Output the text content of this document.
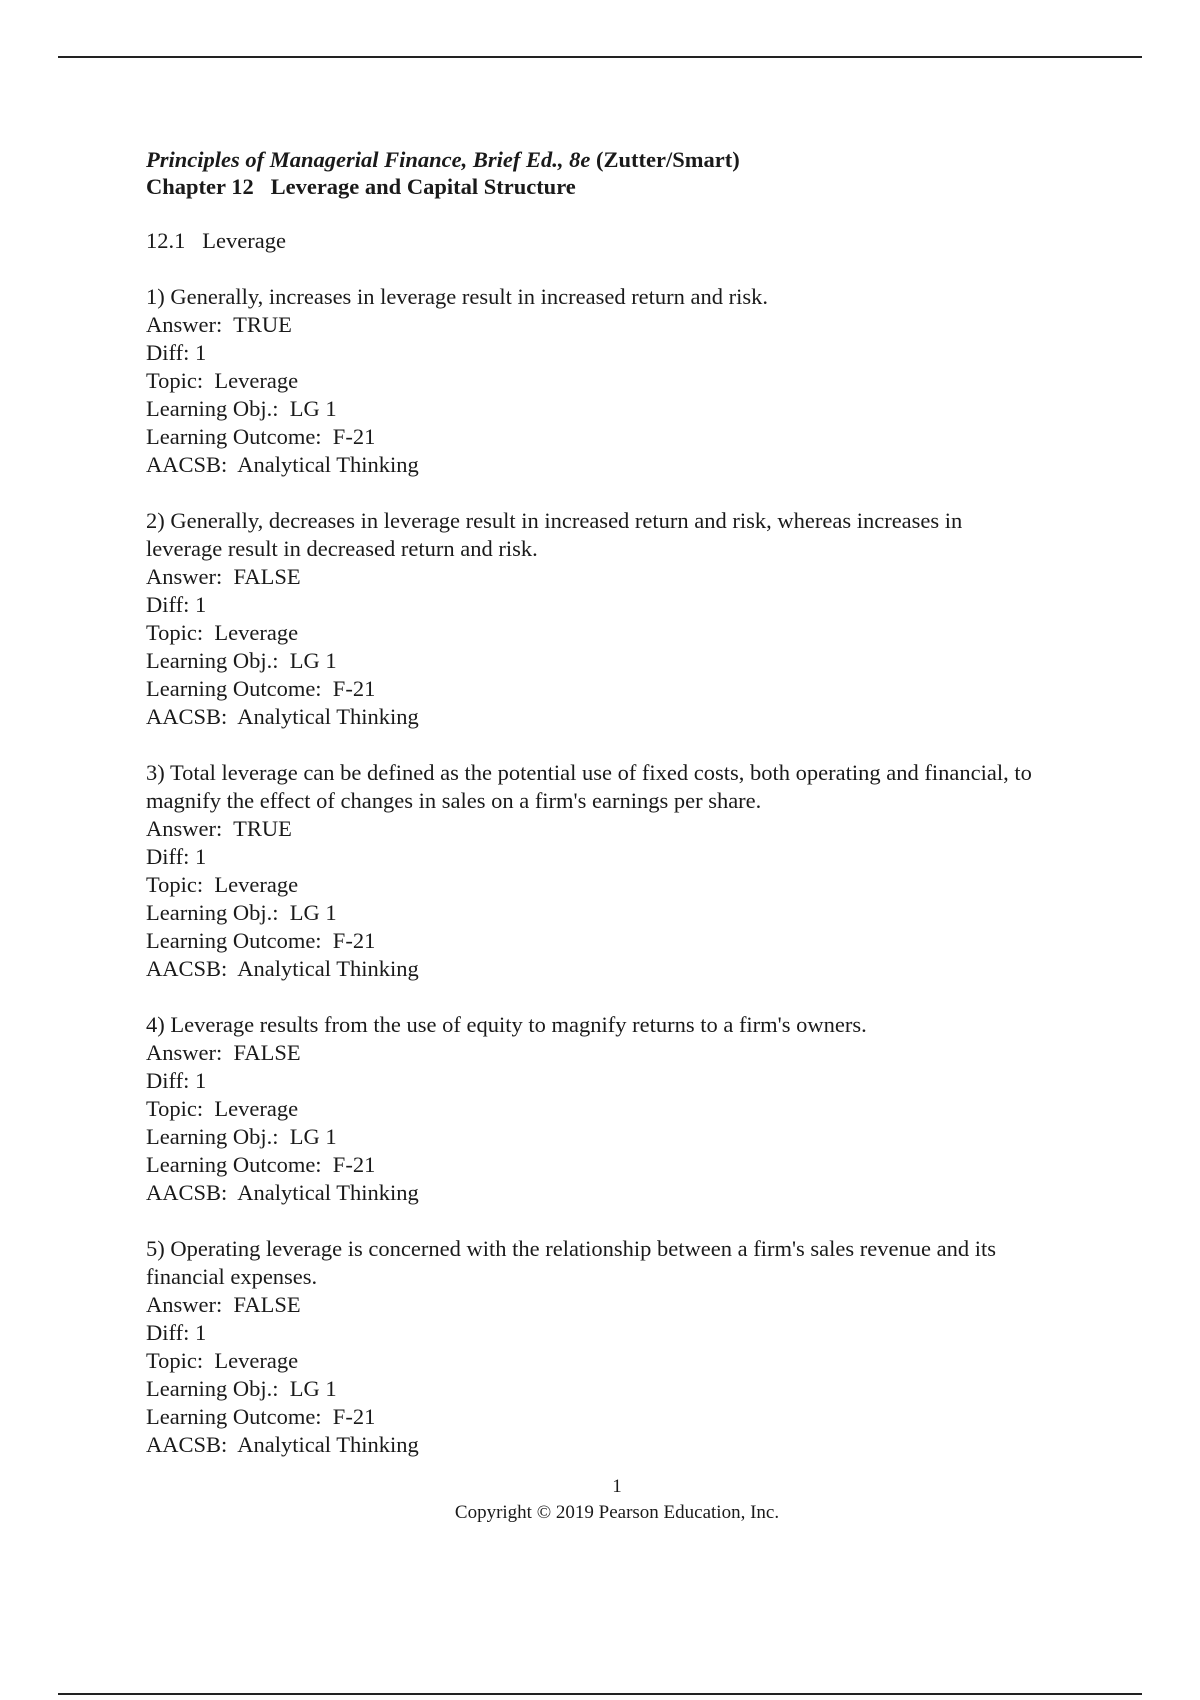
Principles of Managerial Finance, Brief Ed., 8e (Zutter/Smart)
Chapter 12   Leverage and Capital Structure
12.1   Leverage
1) Generally, increases in leverage result in increased return and risk.
Answer:  TRUE
Diff: 1
Topic:  Leverage
Learning Obj.:  LG 1
Learning Outcome:  F-21
AACSB:  Analytical Thinking
2) Generally, decreases in leverage result in increased return and risk, whereas increases in leverage result in decreased return and risk.
Answer:  FALSE
Diff: 1
Topic:  Leverage
Learning Obj.:  LG 1
Learning Outcome:  F-21
AACSB:  Analytical Thinking
3) Total leverage can be defined as the potential use of fixed costs, both operating and financial, to magnify the effect of changes in sales on a firm's earnings per share.
Answer:  TRUE
Diff: 1
Topic:  Leverage
Learning Obj.:  LG 1
Learning Outcome:  F-21
AACSB:  Analytical Thinking
4) Leverage results from the use of equity to magnify returns to a firm's owners.
Answer:  FALSE
Diff: 1
Topic:  Leverage
Learning Obj.:  LG 1
Learning Outcome:  F-21
AACSB:  Analytical Thinking
5) Operating leverage is concerned with the relationship between a firm's sales revenue and its financial expenses.
Answer:  FALSE
Diff: 1
Topic:  Leverage
Learning Obj.:  LG 1
Learning Outcome:  F-21
AACSB:  Analytical Thinking
1
Copyright © 2019 Pearson Education, Inc.
